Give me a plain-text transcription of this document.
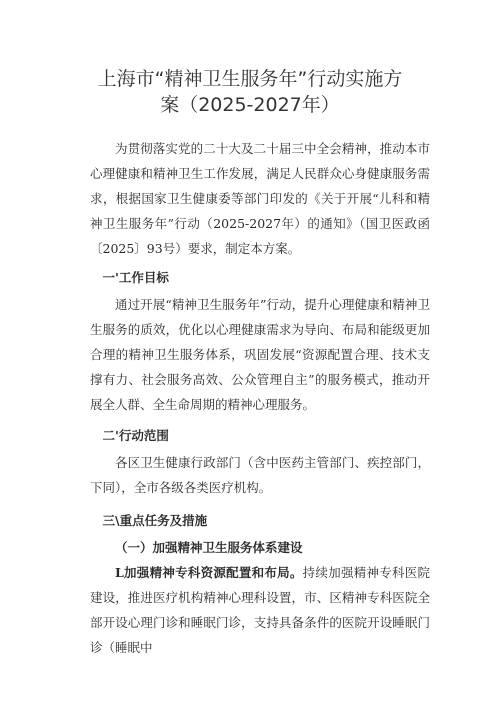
上海市“精神卫生服务年”行动实施方
案（2025-2027年）

为贯彻落实党的二十大及二十届三中全会精神，推动本市心理健康和精神卫生工作发展，满足人民群众心身健康服务需求，根据国家卫生健康委等部门印发的《关于开展“儿科和精神卫生服务年”行动（2025-2027年）的通知》（国卫医政函〔2025〕93号）要求，制定本方案。

一'工作目标

通过开展“精神卫生服务年”行动，提升心理健康和精神卫生服务的质效，优化以心理健康需求为导向、布局和能级更加合理的精神卫生服务体系，巩固发展“资源配置合理、技术支撑有力、社会服务高效、公众管理自主”的服务模式，推动开展全人群、全生命周期的精神心理服务。

二'行动范围

各区卫生健康行政部门（含中医药主管部门、疾控部门，下同），全市各级各类医疗机构。

三\重点任务及措施

（一）加强精神卫生服务体系建设

L加强精神专科资源配置和布局。持续加强精神专科医院建设，推进医疗机构精神心理科设置，市、区精神专科医院全部开设心理门诊和睡眠门诊，支持具备条件的医院开设睡眠门诊（睡眠中
